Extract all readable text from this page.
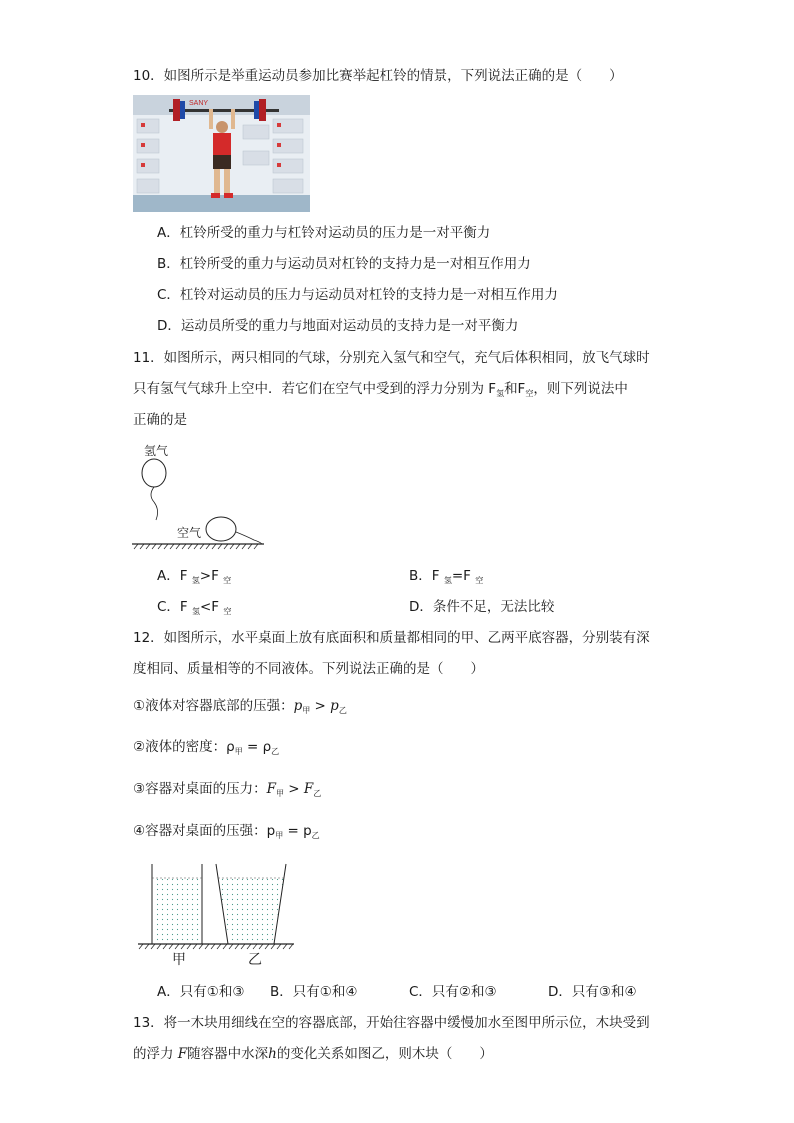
10．如图所示是举重运动员参加比赛举起杠铃的情景，下列说法正确的是（　　）
SANY
A．杠铃所受的重力与杠铃对运动员的压力是一对平衡力
B．杠铃所受的重力与运动员对杠铃的支持力是一对相互作用力
C．杠铃对运动员的压力与运动员对杠铃的支持力是一对相互作用力
D．运动员所受的重力与地面对运动员的支持力是一对平衡力
11．如图所示，两只相同的气球，分别充入氢气和空气，充气后体积相同，放飞气球时
只有氢气气球升上空中．若它们在空气中受到的浮力分别为 $F_氢$和$F_空$，则下列说法中
正确的是
氢气
空气
A．F $_氢$>F $_空$	B．F $_氢$=F $_空$
C．F $_氢$<F $_空$	D．条件不足，无法比较
12．如图所示，水平桌面上放有底面积和质量都相同的甲、乙两平底容器，分别装有深
度相同、质量相等的不同液体。下列说法正确的是（　　）
①液体对容器底部的压强：$p_甲 > p_乙$
②液体的密度：$\rho_甲 = \rho_乙$
③容器对桌面的压力：$F_甲 > F_乙$
④容器对桌面的压强：$p_甲 = p_乙$
甲	乙
A．只有①和③ B．只有①和④	C．只有②和③	D．只有③和④
13．将一木块用细线在空的容器底部，开始往容器中缓慢加水至图甲所示位，木块受到
的浮力 F随容器中水深h的变化关系如图乙，则木块（　　）
